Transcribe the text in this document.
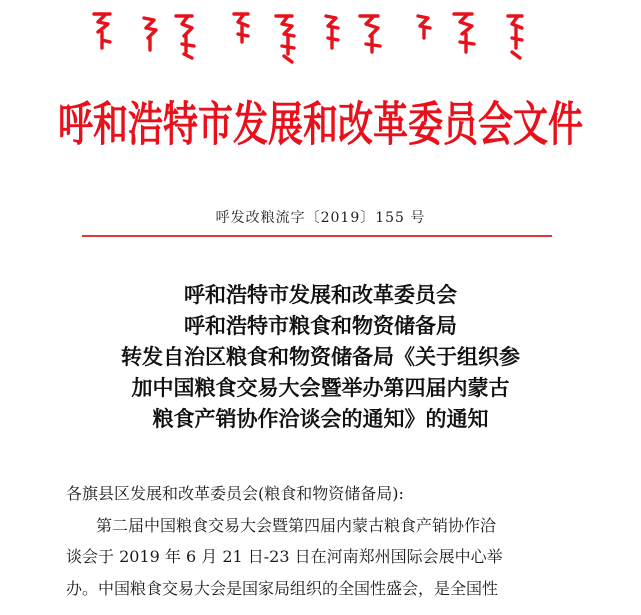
呼和浩特市发展和改革委员会文件
呼发改粮流字〔2019〕155 号
呼和浩特市发展和改革委员会
呼和浩特市粮食和物资储备局
转发自治区粮食和物资储备局《关于组织参
加中国粮食交易大会暨举办第四届内蒙古
粮食产销协作洽谈会的通知》的通知
各旗县区发展和改革委员会(粮食和物资储备局):
第二届中国粮食交易大会暨第四届内蒙古粮食产销协作洽
谈会于 2019 年 6 月 21 日-23 日在河南郑州国际会展中心举
办。中国粮食交易大会是国家局组织的全国性盛会，是全国性
